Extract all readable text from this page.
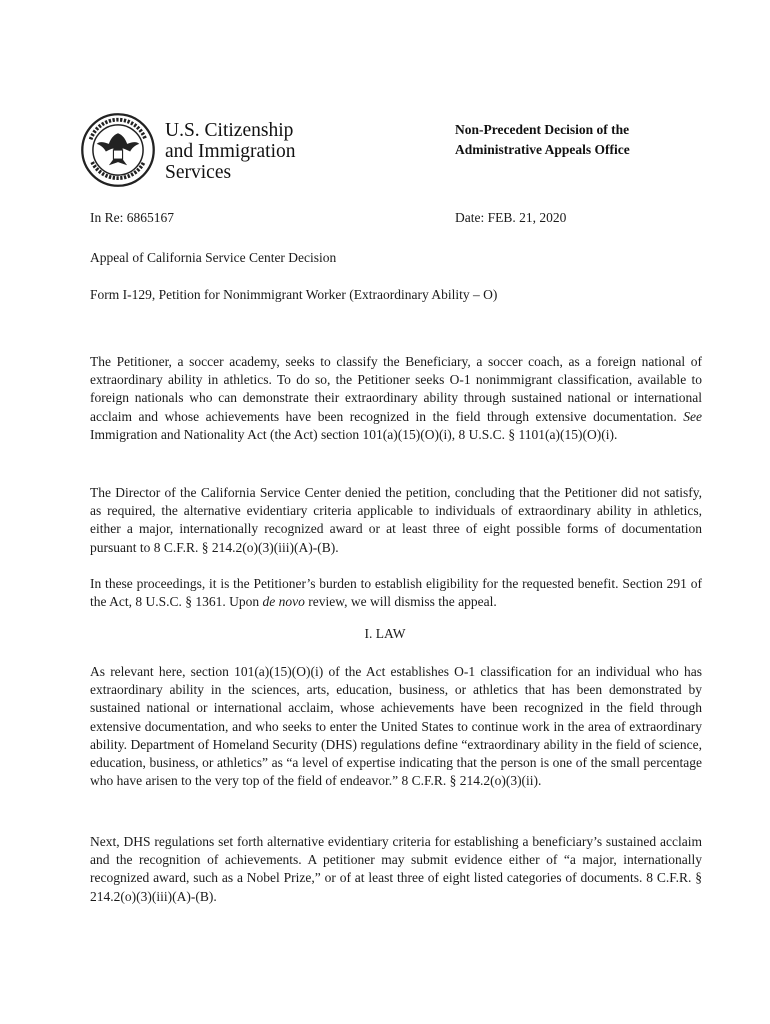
U.S. Citizenship
and Immigration
Services
Non-Precedent Decision of the
Administrative Appeals Office
In Re: 6865167	Date: FEB. 21, 2020
Appeal of California Service Center Decision
Form I-129, Petition for Nonimmigrant Worker (Extraordinary Ability – O)
The Petitioner, a soccer academy, seeks to classify the Beneficiary, a soccer coach, as a foreign national of extraordinary ability in athletics. To do so, the Petitioner seeks O-1 nonimmigrant classification, available to foreign nationals who can demonstrate their extraordinary ability through sustained national or international acclaim and whose achievements have been recognized in the field through extensive documentation. See Immigration and Nationality Act (the Act) section 101(a)(15)(O)(i), 8 U.S.C. § 1101(a)(15)(O)(i).
The Director of the California Service Center denied the petition, concluding that the Petitioner did not satisfy, as required, the alternative evidentiary criteria applicable to individuals of extraordinary ability in athletics, either a major, internationally recognized award or at least three of eight possible forms of documentation pursuant to 8 C.F.R. § 214.2(o)(3)(iii)(A)-(B).
In these proceedings, it is the Petitioner’s burden to establish eligibility for the requested benefit. Section 291 of the Act, 8 U.S.C. § 1361. Upon de novo review, we will dismiss the appeal.
I. LAW
As relevant here, section 101(a)(15)(O)(i) of the Act establishes O-1 classification for an individual who has extraordinary ability in the sciences, arts, education, business, or athletics that has been demonstrated by sustained national or international acclaim, whose achievements have been recognized in the field through extensive documentation, and who seeks to enter the United States to continue work in the area of extraordinary ability. Department of Homeland Security (DHS) regulations define “extraordinary ability in the field of science, education, business, or athletics” as “a level of expertise indicating that the person is one of the small percentage who have arisen to the very top of the field of endeavor.” 8 C.F.R. § 214.2(o)(3)(ii).
Next, DHS regulations set forth alternative evidentiary criteria for establishing a beneficiary’s sustained acclaim and the recognition of achievements. A petitioner may submit evidence either of “a major, internationally recognized award, such as a Nobel Prize,” or of at least three of eight listed categories of documents. 8 C.F.R. § 214.2(o)(3)(iii)(A)-(B).
